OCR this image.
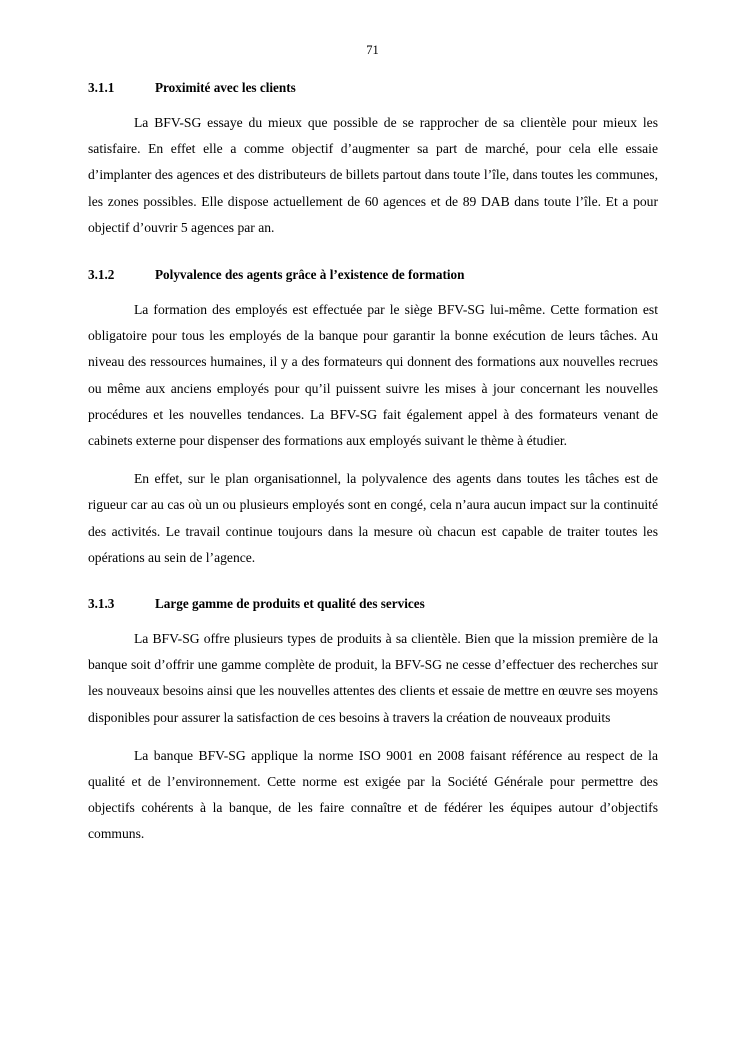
71
3.1.1	Proximité avec les clients

La BFV-SG essaye du mieux que possible de se rapprocher de sa clientèle pour mieux les satisfaire. En effet elle a comme objectif d’augmenter sa part de marché, pour cela elle essaie d’implanter des agences et des distributeurs de billets partout dans toute l’île, dans toutes les communes, les zones possibles. Elle dispose actuellement de 60 agences et de 89 DAB dans toute l’île. Et a pour objectif d’ouvrir 5 agences par an.

3.1.2	Polyvalence des agents grâce à l’existence de formation

La formation des employés est effectuée par le siège BFV-SG lui-même. Cette formation est obligatoire pour tous les employés de la banque pour garantir la bonne exécution de leurs tâches. Au niveau des ressources humaines, il y a des formateurs qui donnent des formations aux nouvelles recrues ou même aux anciens employés pour qu’il puissent suivre les mises à jour concernant les nouvelles procédures et les nouvelles tendances. La BFV-SG fait également appel à des formateurs venant de cabinets externe pour dispenser des formations aux employés suivant le thème à étudier.

En effet, sur le plan organisationnel, la polyvalence des agents dans toutes les tâches est de rigueur car au cas où un ou plusieurs employés sont en congé, cela n’aura aucun impact sur la continuité des activités. Le travail continue toujours dans la mesure où chacun est capable de traiter toutes les opérations au sein de l’agence.

3.1.3	Large gamme de produits et qualité des services

La BFV-SG offre plusieurs types de produits à sa clientèle. Bien que la mission première de la banque soit d’offrir une gamme complète de produit, la BFV-SG ne cesse d’effectuer des recherches sur les nouveaux besoins ainsi que les nouvelles attentes des clients et essaie de mettre en œuvre ses moyens disponibles pour assurer la satisfaction de ces besoins à travers la création de nouveaux produits

La banque BFV-SG applique la norme ISO 9001 en 2008 faisant référence au respect de la qualité et de l’environnement. Cette norme est exigée par la Société Générale pour permettre des objectifs cohérents à la banque, de les faire connaître et de fédérer les équipes autour d’objectifs communs.
